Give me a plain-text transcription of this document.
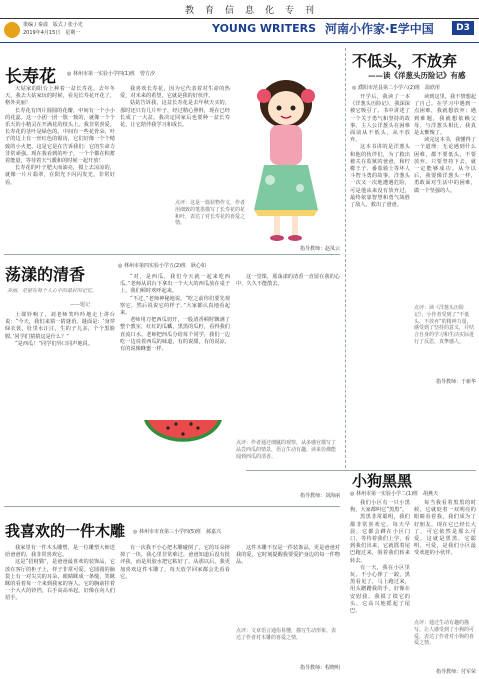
教　育　信　息　化　专　刊
策编 / 秦溢　版式 / 张小光
2019年4月15日　星期一	YOUNG WRITERS 河南小作家·E学中国	D3
长寿花 ◎ 林州市第一实验小学四(1)班　曾方汐

大姑家的阳台上种着一盆长寿花。去年冬天，我去大姑家玩的时候，看见长寿花开花了，格外美丽！

长寿花有四片圆圆的花瓣，中间有一个小小的花蕊。这一小团一团一簇一簇的，就像一个个乐天的小精灵在开满花的枝头上。我非常喜爱。长寿花的茎叶是绿色的，中间有一些花骨朵，叶子的边上有一丝红色的锯齿，它们好像一个个精致的小火把，这是它是在告诉我们：它的生命力非常顽强。现在我看到的叶子，一个个都在积蓄着能量，等待着天气暖和的时候一起开放！

长寿花的叶子肥大而油亮，摸上去凉凉的，就像一片片翡翠，在阳光下闪闪发光，非常好看。

我喜欢长寿花，因为它代表着对生命的热爱，对未来的希望，它就是我的好伙伴。

姑姑告诉我，这盆长寿花是去年秋天买的，那时还只有几片叶子，经过精心照料，现在已经长成了一大盆。我决定回家后也要种一盆长寿花，让它陪伴我学习和成长。

点评：这是一篇状物作文，作者用细致的笔墨描写了长寿花的花和叶，表达了对长寿花的喜爱之情。
指导教师：赵凤云
荡漾的清香	◎ 林州市第四实验小学五(2)班　耿心如
美丽，是留在每个人心中的最好的记忆。
——题记

上课铃响了，刘老师笑吟吟地走上讲台说：“今天，我们来猜一猜谜语。谜面是：‘身穿绿衣裳，肚里水汪汪，生的子儿多，个个黑脸膛。’同学们猜猜这是什么？”

“是西瓜！”同学们异口同声地说。

“对，是西瓜，我们今天就一起来吃西瓜。”老师从讲台下拿出一个大大的西瓜放在桌子上，我们顿时欢呼起来。

“不过，”老师神秘地说，“吃之前你们要先观察它，然后说说它的样子。”大家都认真地看起来。

老师用刀把西瓜切开，一股清香顿时飘满了整个教室，红红的瓜瓤，黑黑的瓜籽，看得我们直流口水。老师把西瓜分给每个同学，我们一边吃一边说着西瓜的味道，有的说甜，有的说凉，有的说像蜂蜜一样。

这一堂课，那荡漾的清香一直留在我的心中，久久不能散去。

点评：作者通过细腻的观察，从多感官描写了品尝西瓜的情景，语言生动有趣，读来仿佛能闻到西瓜的清香。
指导教师：刘海丽
我喜欢的一件木雕 ◎ 林州市市直第三小学四(5)班　郝嘉兴

我家里有一件木头雕塑，是一位雕塑大师送给爸爸的，我非常喜欢它。

这是“招财猫”，是爸爸最喜欢的装饰品，它放在客厅的柜子上，样子非常可爱。它圆圆的脑袋上有一对尖尖的耳朵，眼睛眯成一条缝，笑眯眯的看着每一个来到我家的客人。它的胸前挂着一个大大的铃铛，右手高高举起，好像在向人们招手。

有一次我不小心把木雕碰倒了，它的耳朵摔掉了一块，我心里非常难过。爸爸知道后没有批评我，而是用胶水把它粘好了。从那以后，我更加喜欢这件木雕了，每天放学回家都会先看看它。

这件木雕不仅是一件装饰品，更是爸爸对我的爱，它时刻提醒我要爱护身边的每一件物品。

点评：文章语言通俗易懂，描写生动形象，表达了作者对木雕的喜爱之情。
指导教师：程晓明
不低头，不放弃
——读《洋葱头历险记》有感
◎ 濮阳市范县第二小学六(2)班　温欣彤

开学后，我读了一本《洋葱头历险记》，我深深被它吸引了。书中讲述了一个关于勇气和坚持的故事，主人公洋葱头在困难面前从不低头，从不放弃。

这本书讲的是洋葱头和他的伙伴们，为了救出被关在监狱的爸爸，和柠檬王子、番茄骑士等坏人斗智斗勇的故事。洋葱头一次又一次地遭遇危险，可是他从来没有放弃过，最终依靠智慧和勇气战胜了敌人，救出了爸爸。

读到这里，我不禁想起了自己。在学习中遇到一点困难，我就想放弃；遇到难题，我就想依赖父母。与洋葱头相比，我真是太惭愧了。

读完这本书，我懂得了一个道理：无论遇到什么困难，都不要低头，不要放弃。只要坚持下去，就一定能够成功。从今以后，我要像洋葱头一样，勇敢面对生活中的困难，做一个坚强的人。

点评：读《洋葱头历险记》，小作者受到了“不低头、不放弃”的精神力量，感受到了坚持的意义，并结合自身的学习和生活实际进行了反思，真挚感人。
指导教师：于新华
小狗黑黑
◎ 林州市第一实验小学二(1)班　胡燕天

我们小区有一只小黑狗，大家都叫它“黑黑”。

黑黑非常聪明，我们都非常喜欢它。每天早晨，它都会蹲在小区门口，等待着我们上学，看到我们出来，它就摇着尾巴跑过来，围着我们转来转去。

有一天，我在小区里玩，不小心摔了一跤，黑黑看见了，马上跑过来，用头蹭蹭我的手，好像在安慰我。我摸了摸它的头，它高兴地摇起了尾巴。

每当我看着黑黑的时候，它就眨着一双明亮的眼睛看着我，我们成为了好朋友。现在它已经长大了，可它依然是那么可爱。这就是黑黑，它聪明、可爱，是我们小区最受欢迎的小伙伴。

点评：通过生动有趣的描写，让人感受到了小狗的可爱，表达了作者对小狗的喜爱之情。
指导教师：付军荣
